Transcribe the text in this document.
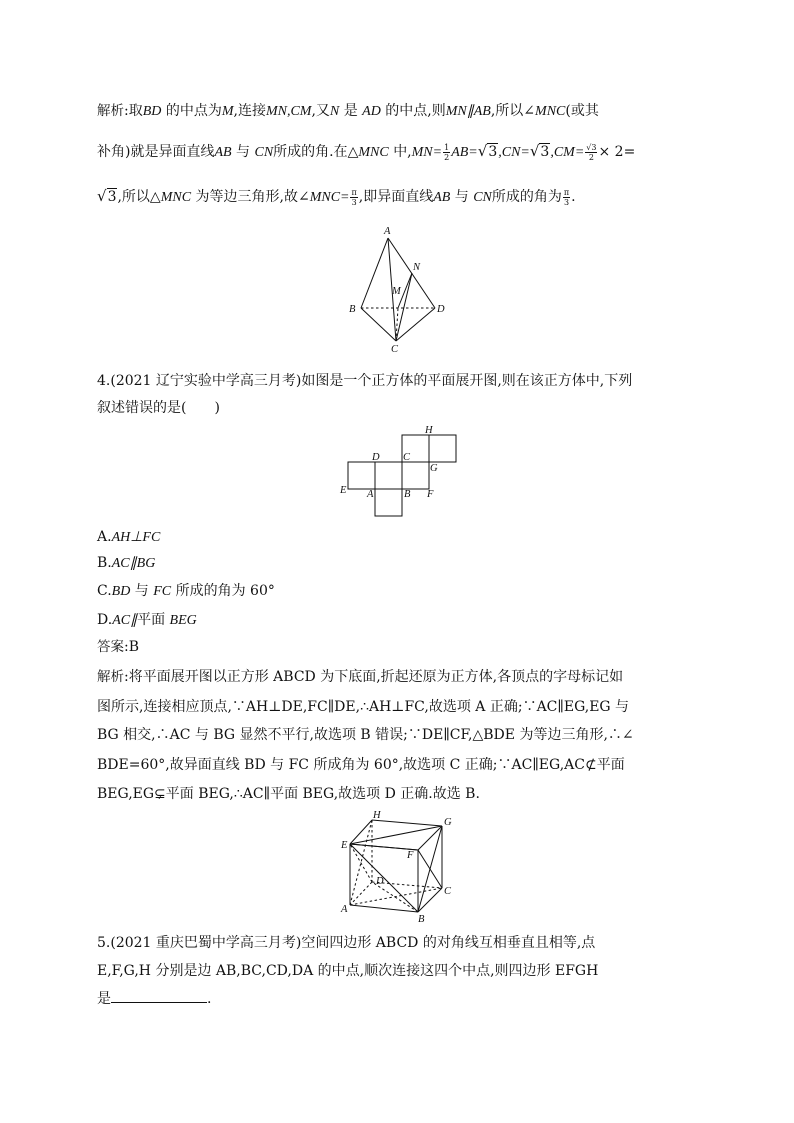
解析:取BD 的中点为M,连接MN,CM,又N 是 AD 的中点,则MN∥AB,所以∠MNC(或其
补角)就是异面直线AB 与 CN所成的角.在△MNC 中$,MN= \frac{1}{2} AB=√3,CN=√3,CM= \frac{√3}{2} \times 2=$
√3,所以△MNC 为等边三角形,故∠MNC= $\frac{\pi}{3}$ ,即异面直线AB 与 CN所成的角为 $\frac{\pi}{3}$ .
A
N
M
B	D
C
4.(2021 辽宁实验中学高三月考)如图是一个正方体的平面展开图,则在该正方体中,下列
叙述错误的是(　　)
H
D C
G
E A	B F
A.AH⊥FC
B.AC∥BG
C.BD 与 FC 所成的角为 60°
D.AC∥平面 BEG
答案:B
解析:将平面展开图以正方形 ABCD 为下底面,折起还原为正方体,各顶点的字母标记如
图所示,连接相应顶点,∵AH⊥DE,FC∥DE,∴AH⊥FC,故选项 A 正确;∵AC∥EG,EG 与
BG 相交,∴AC 与 BG 显然不平行,故选项 B 错误;∵DE∥CF,△BDE 为等边三角形,∴∠
BDE=60°,故异面直线 BD 与 FC 所成角为 60°,故选项 C 正确;∵AC∥EG,AC⊄平面
BEG,EG⊊平面 BEG,∴AC∥平面 BEG,故选项 D 正确.故选 B.
H
G
E
F
D
C
A
B
5.(2021 重庆巴蜀中学高三月考)空间四边形 ABCD 的对角线互相垂直且相等,点
E,F,G,H 分别是边 AB,BC,CD,DA 的中点,顺次连接这四个中点,则四边形 EFGH
是	.
